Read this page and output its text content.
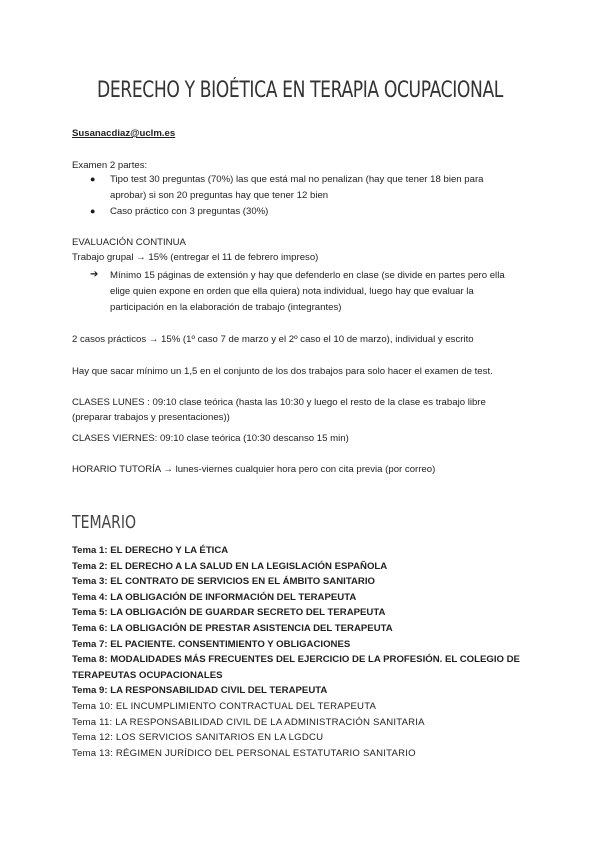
DERECHO Y BIOÉTICA EN TERAPIA OCUPACIONAL
Susanacdiaz@uclm.es
Examen 2 partes:
● Tipo test 30 preguntas (70%) las que está mal no penalizan (hay que tener 18 bien para
aprobar) si son 20 preguntas hay que tener 12 bien
● Caso práctico con 3 preguntas (30%)
EVALUACIÓN CONTINUA
Trabajo grupal → 15% (entregar el 11 de febrero impreso)
➔ Mínimo 15 páginas de extensión y hay que defenderlo en clase (se divide en partes pero ella
elige quien expone en orden que ella quiera) nota individual, luego hay que evaluar la
participación en la elaboración de trabajo (integrantes)
2 casos prácticos → 15% (1º caso 7 de marzo y el 2º caso el 10 de marzo), individual y escrito
Hay que sacar mínimo un 1,5 en el conjunto de los dos trabajos para solo hacer el examen de test.
CLASES LUNES : 09:10 clase teórica (hasta las 10:30 y luego el resto de la clase es trabajo libre
(preparar trabajos y presentaciones))
CLASES VIERNES: 09:10 clase teórica (10:30 descanso 15 min)
HORARIO TUTORÍA → lunes-viernes cualquier hora pero con cita previa (por correo)
TEMARIO
Tema 1: EL DERECHO Y LA ÉTICA
Tema 2: EL DERECHO A LA SALUD EN LA LEGISLACIÓN ESPAÑOLA
Tema 3: EL CONTRATO DE SERVICIOS EN EL ÁMBITO SANITARIO
Tema 4: LA OBLIGACIÓN DE INFORMACIÓN DEL TERAPEUTA
Tema 5: LA OBLIGACIÓN DE GUARDAR SECRETO DEL TERAPEUTA
Tema 6: LA OBLIGACIÓN DE PRESTAR ASISTENCIA DEL TERAPEUTA
Tema 7: EL PACIENTE. CONSENTIMIENTO Y OBLIGACIONES
Tema 8: MODALIDADES MÁS FRECUENTES DEL EJERCICIO DE LA PROFESIÓN. EL COLEGIO DE
TERAPEUTAS OCUPACIONALES
Tema 9: LA RESPONSABILIDAD CIVIL DEL TERAPEUTA
Tema 10: EL INCUMPLIMIENTO CONTRACTUAL DEL TERAPEUTA
Tema 11: LA RESPONSABILIDAD CIVIL DE LA ADMINISTRACIÓN SANITARIA
Tema 12: LOS SERVICIOS SANITARIOS EN LA LGDCU
Tema 13: RÉGIMEN JURÍDICO DEL PERSONAL ESTATUTARIO SANITARIO
